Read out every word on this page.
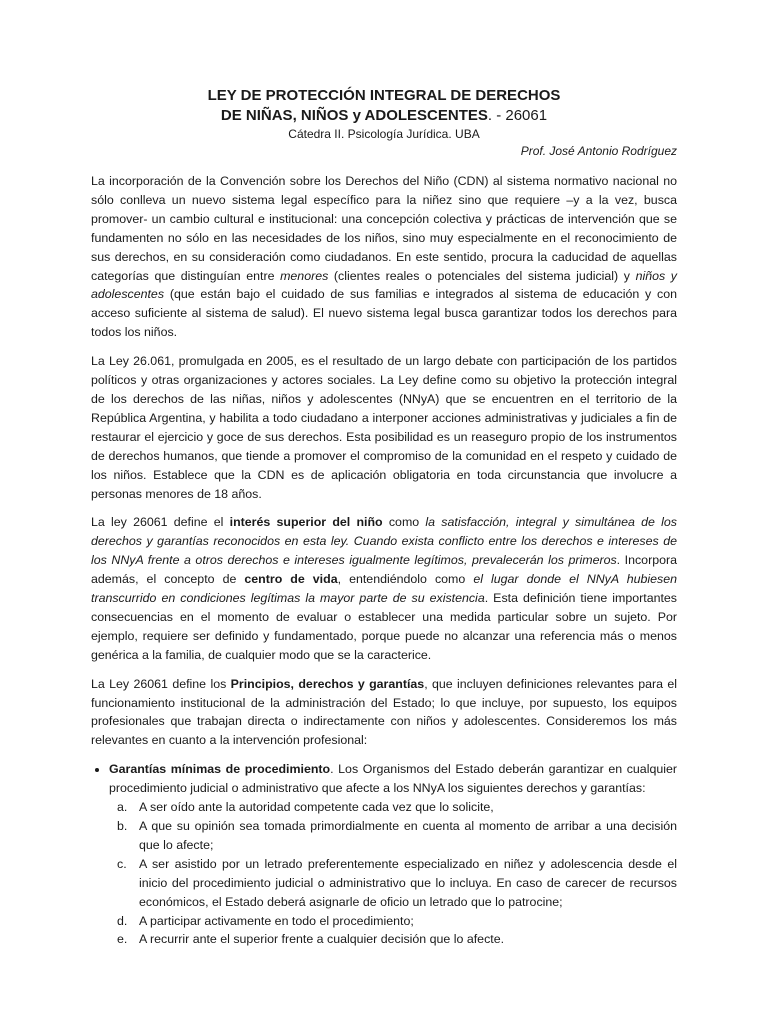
LEY DE PROTECCIÓN INTEGRAL DE DERECHOS

DE NIÑAS, NIÑOS y ADOLESCENTES. - 26061

Cátedra II. Psicología Jurídica. UBA

Prof. José Antonio Rodríguez

La incorporación de la Convención sobre los Derechos del Niño (CDN) al sistema normativo nacional no sólo conlleva un nuevo sistema legal específico para la niñez sino que requiere –y a la vez, busca promover- un cambio cultural e institucional: una concepción colectiva y prácticas de intervención que se fundamenten no sólo en las necesidades de los niños, sino muy especialmente en el reconocimiento de sus derechos, en su consideración como ciudadanos. En este sentido, procura la caducidad de aquellas categorías que distinguían entre menores (clientes reales o potenciales del sistema judicial) y niños y adolescentes (que están bajo el cuidado de sus familias e integrados al sistema de educación y con acceso suficiente al sistema de salud). El nuevo sistema legal busca garantizar todos los derechos para todos los niños.

La Ley 26.061, promulgada en 2005, es el resultado de un largo debate con participación de los partidos políticos y otras organizaciones y actores sociales. La Ley define como su objetivo la protección integral de los derechos de las niñas, niños y adolescentes (NNyA) que se encuentren en el territorio de la República Argentina, y habilita a todo ciudadano a interponer acciones administrativas y judiciales a fin de restaurar el ejercicio y goce de sus derechos. Esta posibilidad es un reaseguro propio de los instrumentos de derechos humanos, que tiende a promover el compromiso de la comunidad en el respeto y cuidado de los niños. Establece que la CDN es de aplicación obligatoria en toda circunstancia que involucre a personas menores de 18 años.

La ley 26061 define el interés superior del niño como la satisfacción, integral y simultánea de los derechos y garantías reconocidos en esta ley. Cuando exista conflicto entre los derechos e intereses de los NNyA frente a otros derechos e intereses igualmente legítimos, prevalecerán los primeros. Incorpora además, el concepto de centro de vida, entendiéndolo como el lugar donde el NNyA hubiesen transcurrido en condiciones legítimas la mayor parte de su existencia. Esta definición tiene importantes consecuencias en el momento de evaluar o establecer una medida particular sobre un sujeto. Por ejemplo, requiere ser definido y fundamentado, porque puede no alcanzar una referencia más o menos genérica a la familia, de cualquier modo que se la caracterice.

La Ley 26061 define los Principios, derechos y garantías, que incluyen definiciones relevantes para el funcionamiento institucional de la administración del Estado; lo que incluye, por supuesto, los equipos profesionales que trabajan directa o indirectamente con niños y adolescentes. Consideremos los más relevantes en cuanto a la intervención profesional:

• Garantías mínimas de procedimiento. Los Organismos del Estado deberán garantizar en cualquier procedimiento judicial o administrativo que afecte a los NNyA los siguientes derechos y garantías:
a. A ser oído ante la autoridad competente cada vez que lo solicite,
b. A que su opinión sea tomada primordialmente en cuenta al momento de arribar a una decisión que lo afecte;
c. A ser asistido por un letrado preferentemente especializado en niñez y adolescencia desde el inicio del procedimiento judicial o administrativo que lo incluya. En caso de carecer de recursos económicos, el Estado deberá asignarle de oficio un letrado que lo patrocine;
d. A participar activamente en todo el procedimiento;
e. A recurrir ante el superior frente a cualquier decisión que lo afecte.
